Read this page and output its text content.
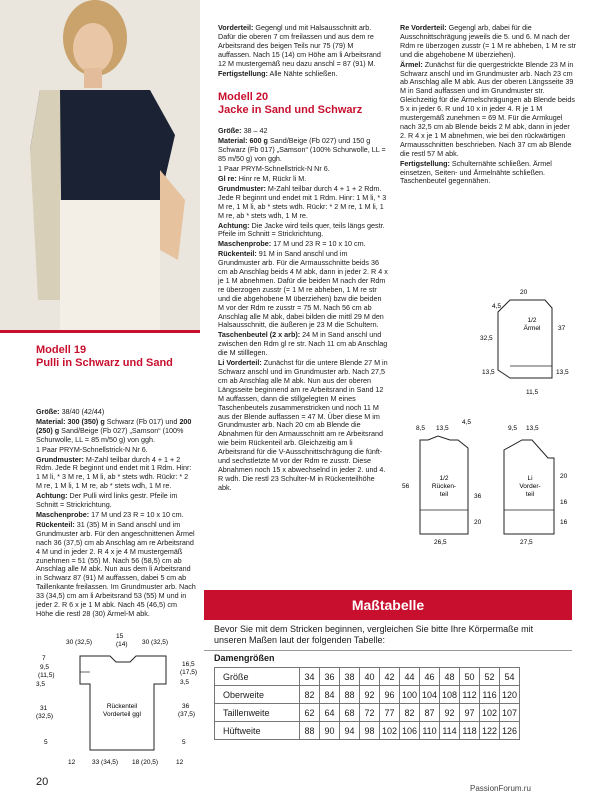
Modell 19
Pulli in Schwarz und Sand

Größe: 38/40 (42/44)

Material: 300 (350) g Schwarz (Fb 017) und 200 (250) g Sand/Beige (Fb 027) „Samson“ (100% Schurwolle, LL = 85 m/50 g) von ggh.

1 Paar PRYM-Schnellstrick-N Nr 6.

Grundmuster: M-Zahl teilbar durch 4 + 1 + 2 Rdm. Jede R beginnt und endet mit 1 Rdm. Hinr: 1 M li, * 3 M re, 1 M li, ab * stets wdh. Rückr: * 2 M re, 1 M li, 1 M re, ab * stets wdh, 1 M re.

Achtung: Der Pulli wird links gestr. Pfeile im Schnitt = Strickrichtung.

Maschenprobe: 17 M und 23 R = 10 x 10 cm.

Rückenteil: 31 (35) M in Sand anschl und im Grundmuster arb. Für den angeschnittenen Ärmel nach 36 (37,5) cm ab Anschlag am re Arbeitsrand 4 M und in jeder 2. R 4 x je 4 M mustergemäß zunehmen = 51 (55) M. Nach 56 (58,5) cm ab Anschlag alle M abk. Nun aus dem li Arbeitsrand in Schwarz 87 (91) M auffassen, dabei 5 cm ab Taillenkante freilassen. Im Grundmuster arb. Nach 33 (34,5) cm am li Arbeitsrand 53 (55) M und in jeder 2. R 6 x je 1 M abk. Nach 45 (46,5) cm Höhe die restl 28 (30) Ärmel-M abk.

Vorderteil: Gegengl und mit Halsausschnitt arb. Dafür die oberen 7 cm freilassen und aus dem re Arbeitsrand des beigen Teils nur 75 (79) M auffassen. Nach 15 (14) cm Höhe am li Arbeitsrand 12 M mustergemäß neu dazu anschl = 87 (91) M.

Fertigstellung: Alle Nähte schließen.

Modell 20
Jacke in Sand und Schwarz

Größe: 38 – 42

Material: 600 g Sand/Beige (Fb 027) und 150 g Schwarz (Fb 017) „Samson“ (100% Schurwolle, LL = 85 m/50 g) von ggh.

1 Paar PRYM-Schnellstrick-N Nr 6.

Gl re: Hinr re M, Rückr li M.

Grundmuster: M-Zahl teilbar durch 4 + 1 + 2 Rdm. Jede R beginnt und endet mit 1 Rdm. Hinr: 1 M li, * 3 M re, 1 M li, ab * stets wdh. Rückr: * 2 M re, 1 M li, 1 M re, ab * stets wdh, 1 M re.

Achtung: Die Jacke wird teils quer, teils längs gestr. Pfeile im Schnitt = Strickrichtung.

Maschenprobe: 17 M und 23 R = 10 x 10 cm.

Rückenteil: 91 M in Sand anschl und im Grundmuster arb. Für die Armausschnitte beids 36 cm ab Anschlag beids 4 M abk, dann in jeder 2. R 4 x je 1 M abnehmen. Dafür die beiden M nach der Rdm re überzogen zusstr (= 1 M re abheben, 1 M re str und die abgehobene M überziehen) bzw die beiden M vor der Rdm re zusstr = 75 M. Nach 56 cm ab Anschlag alle M abk, dabei bilden die mittl 29 M den Halsausschnitt, die äußeren je 23 M die Schultern.

Taschenbeutel (2 x arb): 24 M in Sand anschl und zwischen den Rdm gl re str. Nach 11 cm ab Anschlag die M stilllegen.

Li Vorderteil: Zunächst für die untere Blende 27 M in Schwarz anschl und im Grundmuster arb. Nach 27,5 cm ab Anschlag alle M abk. Nun aus der oberen Längsseite beginnend am re Arbeitsrand in Sand 12 M auffassen, dann die stillgelegten M eines Taschenbeutels zusammenstricken und noch 11 M aus der Blende auffassen = 47 M. Über diese M im Grundmuster arb. Nach 20 cm ab Blende die Abnahmen für den Armausschnitt am re Arbeitsrand wie beim Rückenteil arb. Gleichzeitig am li Arbeitsrand für die V-Ausschnittschrägung die fünft- und sechstletzte M vor der Rdm re zusstr. Diese Abnahmen noch 15 x abwechselnd in jeder 2. und 4. R wdh. Die restl 23 Schulter-M in Rückenteilhöhe abk.

Re Vorderteil: Gegengl arb, dabei für die Ausschnittschrägung jeweils die 5. und 6. M nach der Rdm re überzogen zusstr (= 1 M re abheben, 1 M re str und die abgehobene M überziehen).

Ärmel: Zunächst für die quergestrickte Blende 23 M in Schwarz anschl und im Grundmuster arb. Nach 23 cm ab Anschlag alle M abk. Aus der oberen Längsseite 39 M in Sand auffassen und im Grundmuster str. Gleichzeitig für die Ärmelschrägungen ab Blende beids 5 x in jeder 6. R und 10 x in jeder 4. R je 1 M mustergemäß zunehmen = 69 M. Für die Armkugel nach 32,5 cm ab Blende beids 2 M abk, dann in jeder 2. R 4 x je 1 M abnehmen, wie bei den rückwärtigen Armausschnitten beschrieben. Nach 37 cm ab Blende die restl 57 M abk.

Fertigstellung: Schulternähte schließen. Ärmel einsetzen, Seiten- und Ärmelnähte schließen. Taschenbeutel gegennähen.

1/2
Ärmel
20
4,5
37
32,5
13,5	13,5
11,5
1/2
Rücken-
teil
8,5 13,5
4,5
56
36
20
26,5
Li
Vorder-
teil
9,5 13,5
20
16
16
27,5
Rückenteil
Vorderteil ggl
30 (32,5)
15
(14) 30 (32,5)
7
9,5
(11,5)
3,5
31
(32,5)
5
16,5
(17,5)
3,5
36
(37,5)
5
12	33 (34,5) 18 (20,5)	12
Maßtabelle
Bevor Sie mit dem Stricken beginnen, vergleichen Sie bitte Ihre Körpermaße mit unseren Maßen laut der folgenden Tabelle:
Damengrößen
Größe	34	36	38	40	42	44	46	48	50	52	54
Oberweite	82	84	88	92	96	100	104	108	112	116	120
Taillenweite	62	64	68	72	77	82	87	92	97	102	107
Hüftweite	88	90	94	98	102	106	110	114	118	122	126
20
PassionForum.ru
